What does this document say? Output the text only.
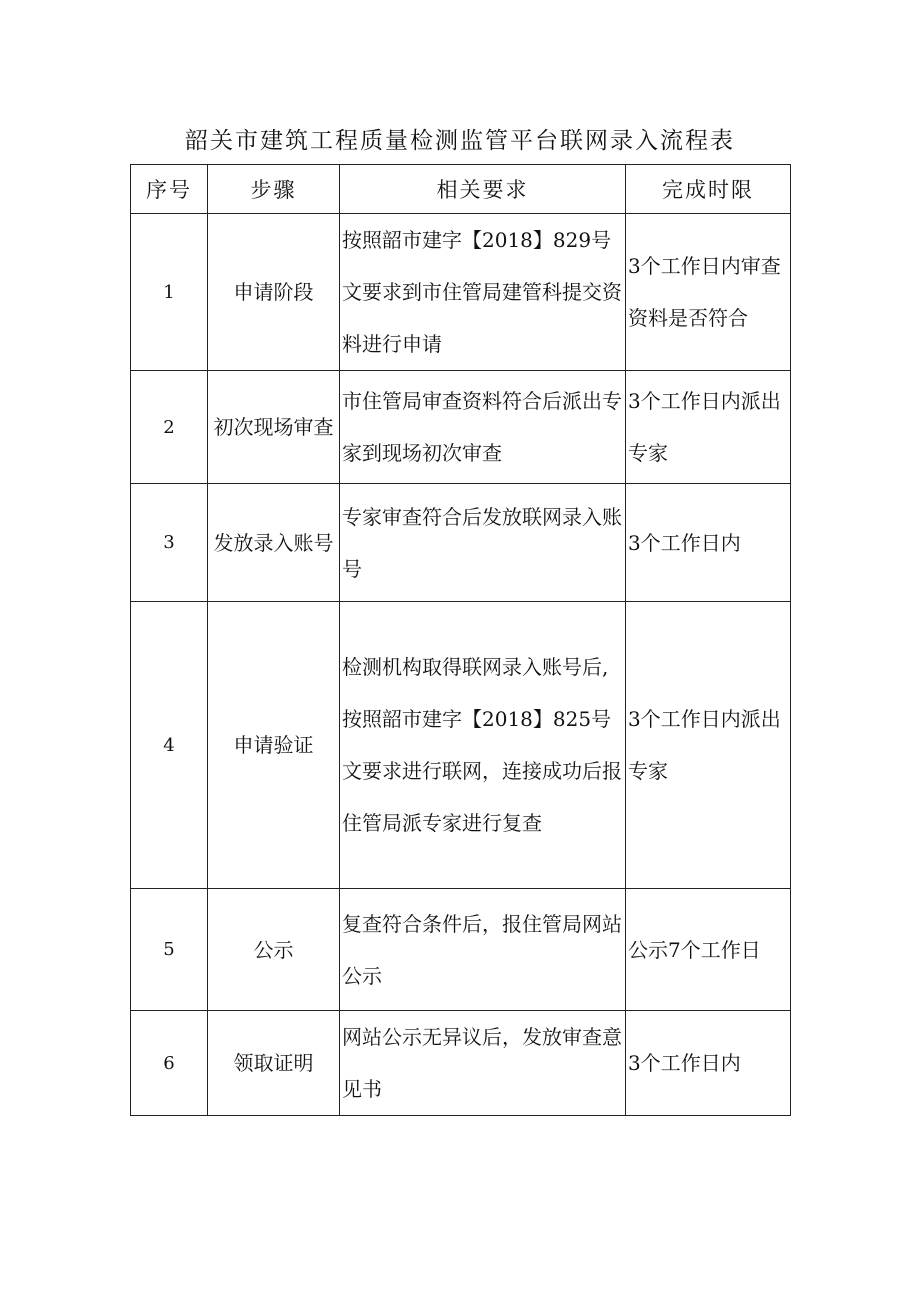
韶关市建筑工程质量检测监管平台联网录入流程表
序号	步骤	相关要求	完成时限
1	申请阶段	按照韶市建字【2018】829号文要求到市住管局建管科提交资料进行申请	3个工作日内审查资料是否符合
2	初次现场审查	市住管局审查资料符合后派出专家到现场初次审查	3个工作日内派出专家
3	发放录入账号	专家审查符合后发放联网录入账号	3个工作日内
4	申请验证	检测机构取得联网录入账号后,按照韶市建字【2018】825号文要求进行联网，连接成功后报住管局派专家进行复查	3个工作日内派出专家
5	公示	复查符合条件后，报住管局网站公示	公示7个工作日
6	领取证明	网站公示无异议后，发放审查意见书	3个工作日内
